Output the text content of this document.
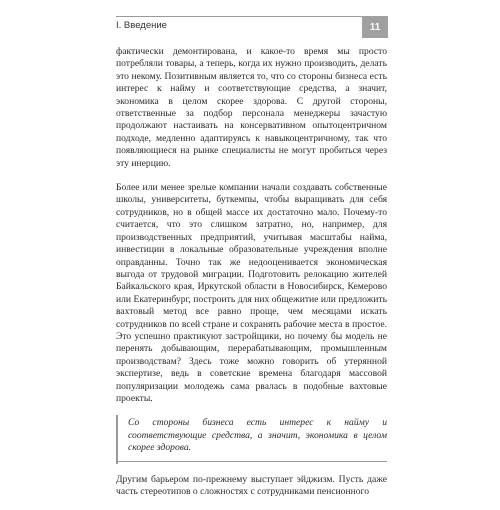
I. Введение	11

фактически демонтирована, и какое-то время мы просто потребляли товары, а теперь, когда их нужно производить, делать это некому. Позитивным является то, что со стороны бизнеса есть интерес к найму и соответствующие средства, а значит, экономика в целом скорее здорова. С другой стороны, ответственные за подбор персонала менеджеры зачастую продолжают настаивать на консервативном опытоцентричном подходе, медленно адаптируясь к навыкоцентричному, так что появляющиеся на рынке специалисты не могут пробиться через эту инерцию.

Более или менее зрелые компании начали создавать собственные школы, университеты, буткемпы, чтобы выращивать для себя сотрудников, но в общей массе их достаточно мало. Почему-то считается, что это слишком затратно, но, например, для производственных предприятий, учитывая масштабы найма, инвестиции в локальные образовательные учреждения вполне оправданны. Точно так же недооценивается экономическая выгода от трудовой миграции. Подготовить релокацию жителей Байкальского края, Иркутской области в Новосибирск, Кемерово или Екатеринбург, построить для них общежитие или предложить вахтовый метод все равно проще, чем месяцами искать сотрудников по всей стране и сохранять рабочие места в простое. Это успешно практикуют застройщики, но почему бы модель не перенять добывающим, перерабатывающим, промышленным производствам? Здесь тоже можно говорить об утерянной экспертизе, ведь в советские времена благодаря массовой популяризации молодежь сама рвалась в подобные вахтовые проекты.

Со стороны бизнеса есть интерес к найму и соответствующие средства, а значит, экономика в целом скорее здорова.

Другим барьером по-прежнему выступает эйджизм. Пусть даже часть стереотипов о сложностях с сотрудниками пенсионного
